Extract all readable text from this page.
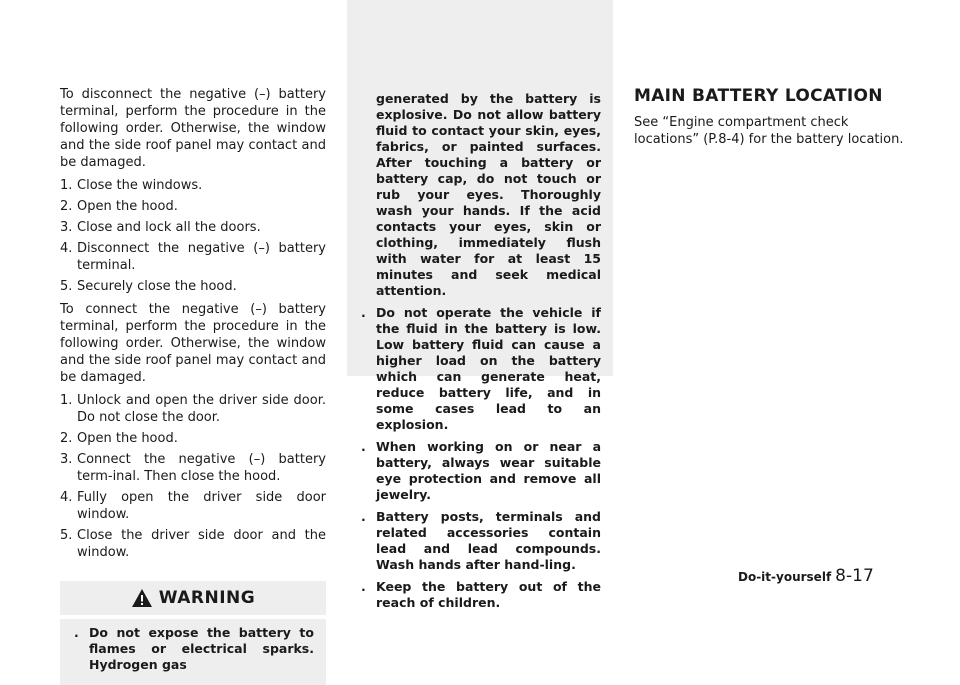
To disconnect the negative (–) battery terminal, perform the procedure in the following order. Otherwise, the window and the side roof panel may contact and be damaged.

1. Close the windows.
2. Open the hood.
3. Close and lock all the doors.
4. Disconnect the negative (–) battery terminal.
5. Securely close the hood.

To connect the negative (–) battery terminal, perform the procedure in the following order. Otherwise, the window and the side roof panel may contact and be damaged.

1. Unlock and open the driver side door. Do not close the door.
2. Open the hood.
3. Connect the negative (–) battery term-inal. Then close the hood.
4. Fully open the driver side door window.
5. Close the driver side door and the window.
WARNING
. Do not expose the battery to flames or electrical sparks. Hydrogen gas
generated by the battery is explosive. Do not allow battery fluid to contact your skin, eyes, fabrics, or painted surfaces. After touching a battery or battery cap, do not touch or rub your eyes. Thoroughly wash your hands. If the acid contacts your eyes, skin or clothing, immediately flush with water for at least 15 minutes and seek medical attention.
. Do not operate the vehicle if the fluid in the battery is low. Low battery fluid can cause a higher load on the battery which can generate heat, reduce battery life, and in some cases lead to an explosion.
. When working on or near a battery, always wear suitable eye protection and remove all jewelry.
. Battery posts, terminals and related accessories contain lead and lead compounds. Wash hands after hand-ling.
. Keep the battery out of the reach of children.
MAIN BATTERY LOCATION

See “Engine compartment check locations” (P.8-4) for the battery location.

Do-it-yourself 8-17
